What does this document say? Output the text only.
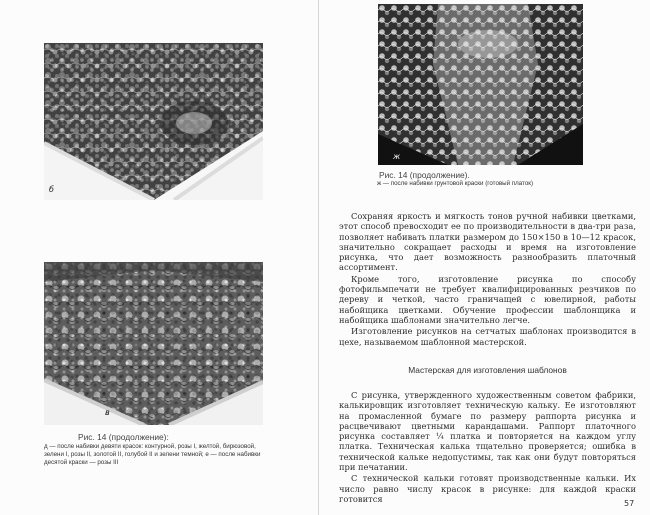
б
в
Рис. 14 (продолжение):
д — после набивки девяти красок: контурной, розы I, желтой, бирюзовой, зелени I, розы II, золотой II, голубой II и зелени темной; е — после набивки десятой краски — розы III
ж
Рис. 14 (продолжение).
ж — после набивки грунтовой краски (готовый платок)

Сохраняя яркость и мягкость тонов ручной набивки цветками, этот способ превосходит ее по производительности в два-три раза, позволяет набивать платки размером до 150×150 в 10—12 красок, значительно сокращает расходы и время на изготовление рисунка, что дает возможность разнообразить платочный ассортимент.

Кроме того, изготовление рисунка по способу фотофильмпечати не требует квалифицированных резчиков по дереву и четкой, часто граничащей с ювелирной, работы набойщика цветками. Обучение профессии шаблонщика и набойщика шаблонами значительно легче.

Изготовление рисунков на сетчатых шаблонах производится в цехе, называемом шаблонной мастерской.

Мастерская для изготовления шаблонов

С рисунка, утвержденного художественным советом фабрики, калькировщик изготовляет техническую кальку. Ее изготовляют на промасленной бумаге по размеру раппорта рисунка и расцвечивают цветными карандашами. Раппорт платочного рисунка составляет ¼ платка и повторяется на каждом углу платка. Техническая калька тщательно проверяется; ошибка в технической кальке недопустимы, так как они будут повторяться при печатании.

С технической кальки готовят производственные кальки. Их число равно числу красок в рисунке: для каждой краски готовится	57
